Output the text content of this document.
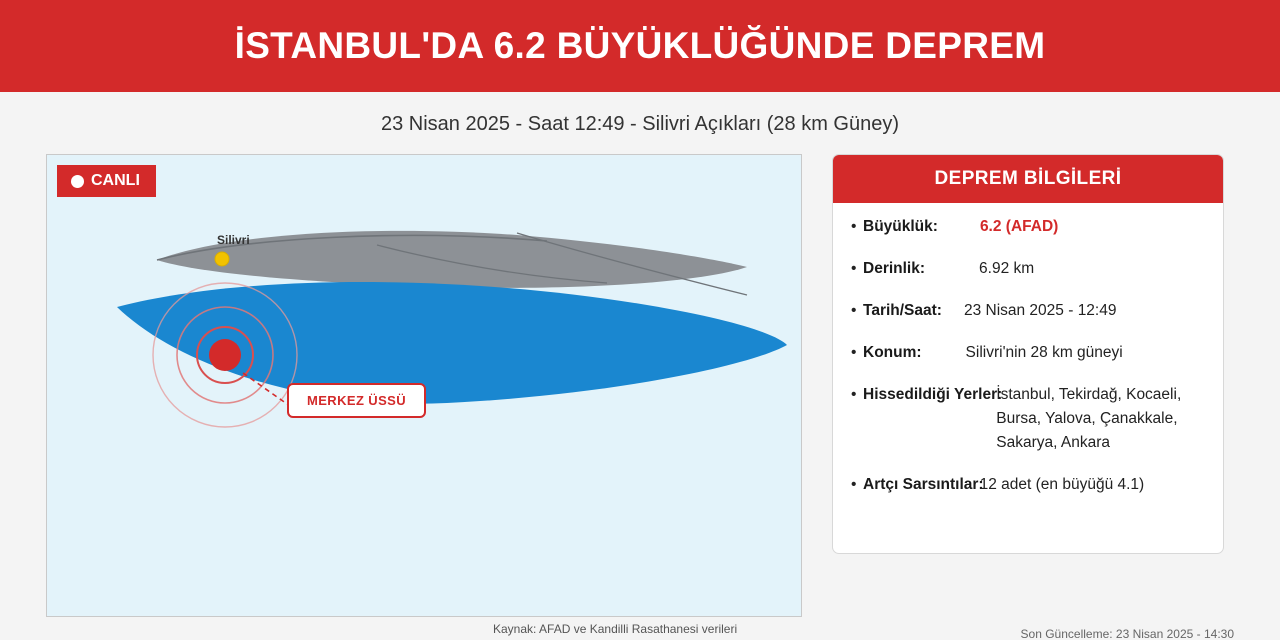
İSTANBUL'DA 6.2 BÜYÜKLÜĞÜNDE DEPREM
23 Nisan 2025 - Saat 12:49 - Silivri Açıkları (28 km Güney)
CANLI
Silivri
MERKEZ ÜSSÜ
Kaynak: AFAD ve Kandilli Rasathanesi verileri
DEPREM BİLGİLERİ
• Büyüklük:	6.2 (AFAD)
• Derinlik:	6.92 km
• Tarih/Saat: 23 Nisan 2025 - 12:49
• Konum:	Silivri'nin 28 km güneyi
• Hissedildiği Yerler:
İstanbul, Tekirdağ, Kocaeli, Bursa, Yalova, Çanakkale, Sakarya, Ankara
• Artçı Sarsıntılar:
12 adet (en büyüğü 4.1)
Son Güncelleme: 23 Nisan 2025 - 14:30
